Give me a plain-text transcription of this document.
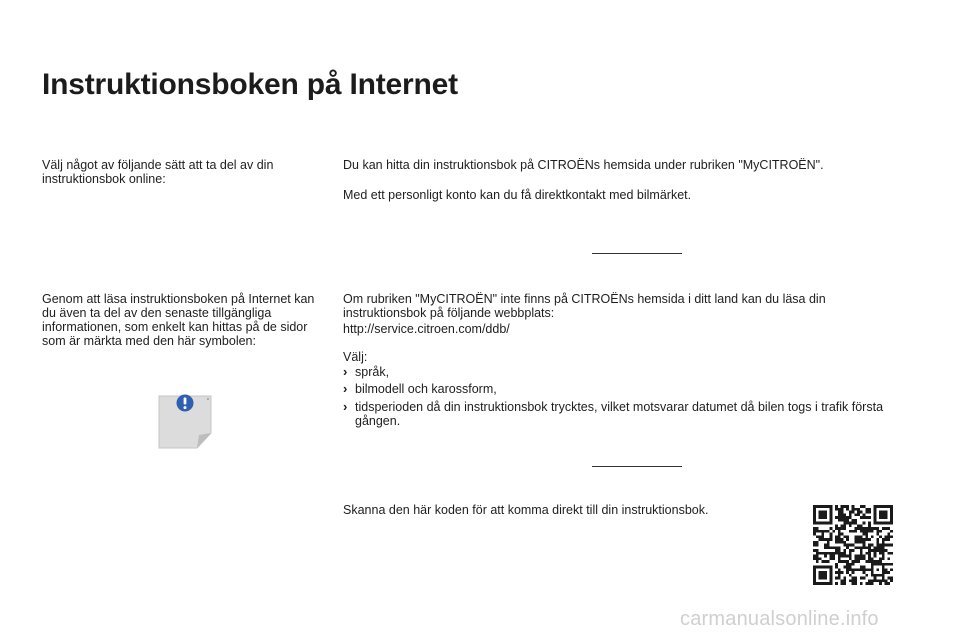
Instruktionsboken på Internet
Välj något av följande sätt att ta del av din instruktionsbok online:
Genom att läsa instruktionsboken på Internet kan du även ta del av den senaste tillgängliga informationen, som enkelt kan hittas på de sidor som är märkta med den här symbolen:
Du kan hitta din instruktionsbok på CITROËNs hemsida under rubriken "MyCITROËN".
Med ett personligt konto kan du få direktkontakt med bilmärket.
Om rubriken "MyCITROËN" inte finns på CITROËNs hemsida i ditt land kan du läsa din instruktionsbok på följande webbplats:
http://service.citroen.com/ddb/
Välj:
› språk,
› bilmodell och karossform,
› tidsperioden då din instruktionsbok trycktes, vilket motsvarar datumet då bilen togs i trafik första gången.
Skanna den här koden för att komma direkt till din instruktionsbok.
carmanualsonline.info
